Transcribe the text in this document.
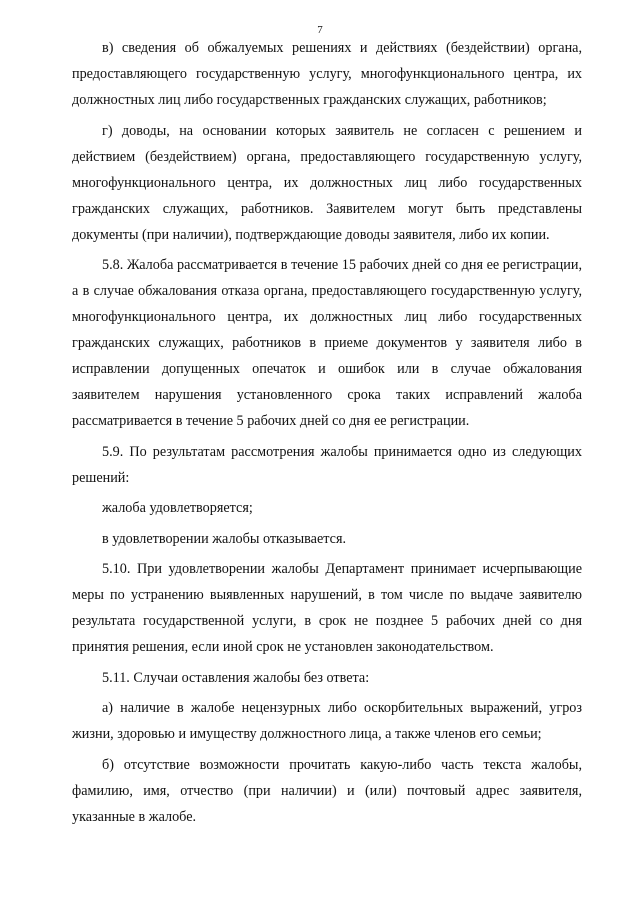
7

в) сведения об обжалуемых решениях и действиях (бездействии) органа, предоставляющего государственную услугу, многофункционального центра, их должностных лиц либо государственных гражданских служащих, работников;

г) доводы, на основании которых заявитель не согласен с решением и действием (бездействием) органа, предоставляющего государственную услугу, многофункционального центра, их должностных лиц либо государственных гражданских служащих, работников. Заявителем могут быть представлены документы (при наличии), подтверждающие доводы заявителя, либо их копии.

5.8. Жалоба рассматривается в течение 15 рабочих дней со дня ее регистрации, а в случае обжалования отказа органа, предоставляющего государственную услугу, многофункционального центра, их должностных лиц либо государственных гражданских служащих, работников в приеме документов у заявителя либо в исправлении допущенных опечаток и ошибок или в случае обжалования заявителем нарушения установленного срока таких исправлений жалоба рассматривается в течение 5 рабочих дней со дня ее регистрации.

5.9. По результатам рассмотрения жалобы принимается одно из следующих решений:

жалоба удовлетворяется;

в удовлетворении жалобы отказывается.

5.10. При удовлетворении жалобы Департамент принимает исчерпывающие меры по устранению выявленных нарушений, в том числе по выдаче заявителю результата государственной услуги, в срок не позднее 5 рабочих дней со дня принятия решения, если иной срок не установлен законодательством.

5.11. Случаи оставления жалобы без ответа:

а) наличие в жалобе нецензурных либо оскорбительных выражений, угроз жизни, здоровью и имуществу должностного лица, а также членов его семьи;

б) отсутствие возможности прочитать какую-либо часть текста жалобы, фамилию, имя, отчество (при наличии) и (или) почтовый адрес заявителя, указанные в жалобе.
